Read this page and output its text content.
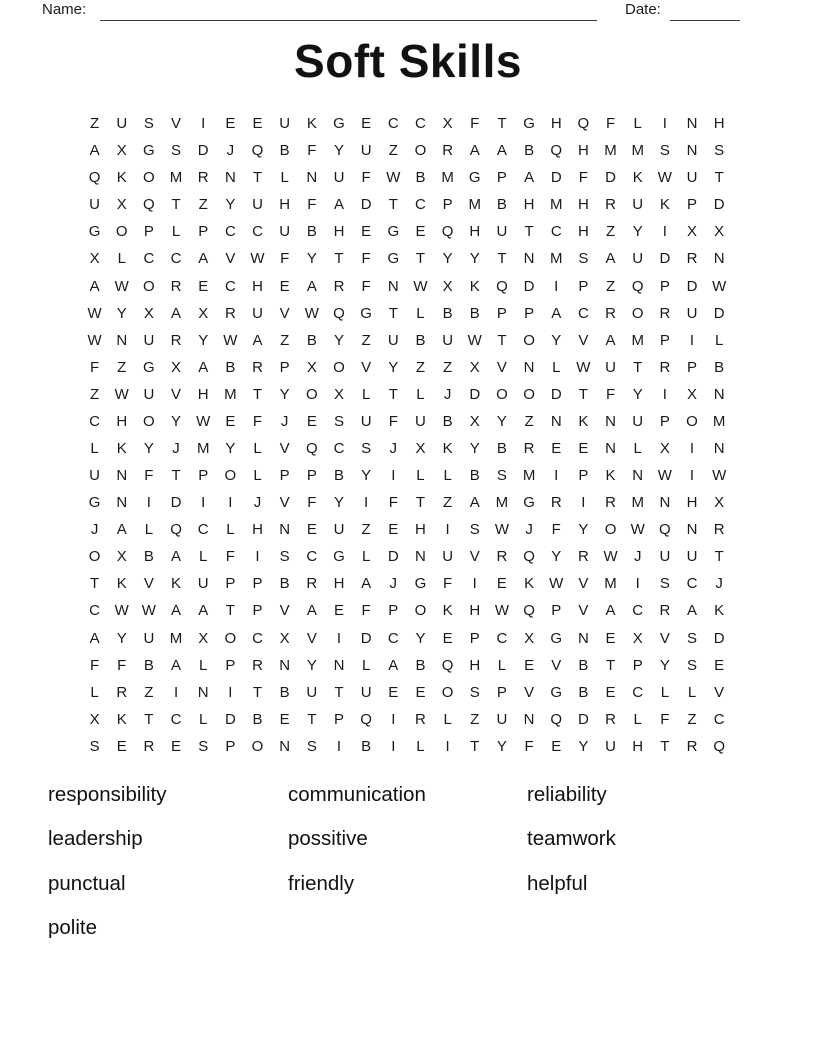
Name:	Date:
Soft Skills
Z	U	S	V	I	E	E	U	K	G	E	C	C	X	F	T	G	H	Q	F	L	I	N	H
A	X	G	S	D	J	Q	B	F	Y	U	Z	O	R	A	A	B	Q	H	M M	S	N	S
Q	K	O	M	R	N	T	L	N	U	F	W	B	M	G	P	A	D	F	D	K	W U	T
U	X	Q	T	Z	Y	U	H	F	A	D	T	C	P	M	B	H	M	H	R	U	K	P	D
G	O	P	L	P	C	C	U	B	H	E	G	E	Q	H	U	T	C	H	Z	Y	I	X	X
X	L	C	C	A	V	W	F	Y	T	F	G	T	Y	Y	T	N	M	S	A	U	D	R	N
A	W O	R	E	C	H	E	A	R	F	N W	X	K	Q	D	I	P	Z	Q	P	D W
W	Y	X	A	X	R	U	V	W Q	G	T	L	B	B	P	P	A	C	R	O	R	U	D
W N	U	R	Y	W	A	Z	B	Y	Z	U	B	U W	T	O	Y	V	A	M	P	I	L
F	Z	G	X	A	B	R	P	X	O	V	Y	Z	Z	X	V	N	L	W U	T	R	P	B
Z	W U	V	H	M	T	Y	O	X	L	T	L	J	D	O	O	D	T	F	Y	I	X	N
C	H	O	Y	W	E	F	J	E	S	U	F	U	B	X	Y	Z	N	K	N	U	P	O	M
L	K	Y	J	M	Y	L	V	Q	C	S	J	X	K	Y	B	R	E	E	N	L	X	I	N
U	N	F	T	P	O	L	P	P	B	Y	I	L	L	B	S	M	I	P	K	N W	I	W
G	N	I	D	I	I	J	V	F	Y	I	F	T	Z	A	M	G	R	I	R	M	N	H	X
J	A	L	Q	C	L	H	N	E	U	Z	E	H	I	S	W	J	F	Y	O W Q	N	R
O	X	B	A	L	F	I	S	C	G	L	D	N	U	V	R	Q	Y	R W	J	U	U	T
T	K	V	K	U	P	P	B	R	H	A	J	G	F	I	E	K	W	V	M	I	S	C	J
C W W	A	A	T	P	V	A	E	F	P	O	K	H W Q	P	V	A	C	R	A	K
A	Y	U	M	X	O	C	X	V	I	D	C	Y	E	P	C	X	G	N	E	X	V	S	D
F	F	B	A	L	P	R	N	Y	N	L	A	B	Q	H	L	E	V	B	T	P	Y	S	E
L	R	Z	I	N	I	T	B	U	T	U	E	E	O	S	P	V	G	B	E	C	L	L	V
X	K	T	C	L	D	B	E	T	P	Q	I	R	L	Z	U	N	Q	D	R	L	F	Z	C
S	E	R	E	S	P	O	N	S	I	B	I	L	I	T	Y	F	E	Y	U	H	T	R	Q
responsibility
leadership
punctual
polite
communication
possitive
friendly
reliability
teamwork
helpful
